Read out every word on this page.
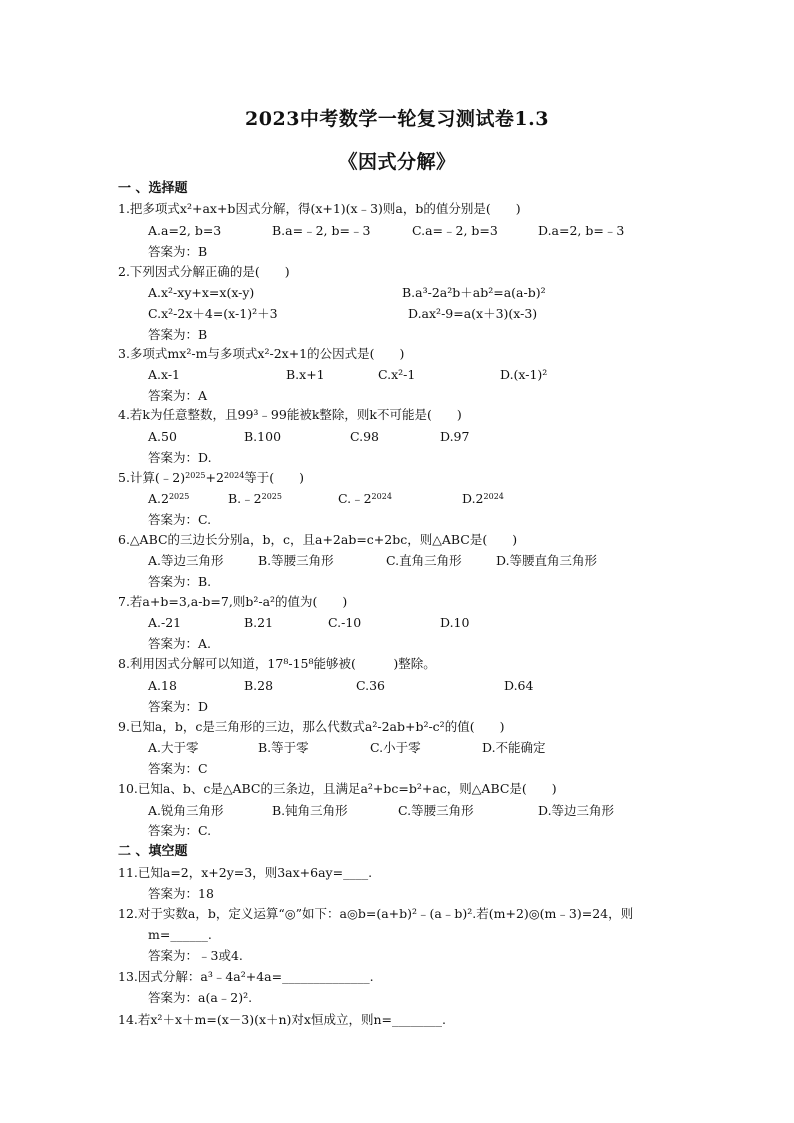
2023中考数学一轮复习测试卷1.3
《因式分解》
一 、选择题
1.把多项式x²+ax+b因式分解，得(x+1)(x﹣3)则a，b的值分别是(　　)
A.a=2, b=3	B.a=﹣2, b=﹣3	C.a=﹣2, b=3	D.a=2, b=﹣3
答案为：B
2.下列因式分解正确的是(　　)
A.x²-xy+x=x(x-y)	B.a³-2a²b＋ab²=a(a-b)²
C.x²-2x＋4=(x-1)²＋3	D.ax²-9=a(x＋3)(x-3)
答案为：B
3.多项式mx²-m与多项式x²-2x+1的公因式是(　　)
A.x-1	B.x+1	C.x²-1	D.(x-1)²
答案为：A
4.若k为任意整数，且99³﹣99能被k整除，则k不可能是(　　)
A.50	B.100	C.98	D.97
答案为：D.
5.计算$(﹣2)^{2025}+2^{2024}$等于(　　)
$A.2^{2025}$	$B.﹣2^{2025}$	$C.﹣2^{2024}$	$D.2^{2024}$
答案为：C.
6.△ABC的三边长分别a，b，c，且a+2ab=c+2bc，则△ABC是(　　)
A.等边三角形	B.等腰三角形	C.直角三角形	D.等腰直角三角形
答案为：B.
7.若a+b=3,a-b=7,则b²-a²的值为(　　)
A.-21	B.21	C.-10	D.10
答案为：A.
8.利用因式分解可以知道，17⁸-15⁸能够被(　　　)整除。
A.18	B.28	C.36	D.64
答案为：D
9.已知a，b，c是三角形的三边，那么代数式a²-2ab+b²-c²的值(　　)
A.大于零	B.等于零	C.小于零	D.不能确定
答案为：C
10.已知a、b、c是△ABC的三条边，且满足a²+bc=b²+ac，则△ABC是(　　)
A.锐角三角形	B.钝角三角形	C.等腰三角形	D.等边三角形
答案为：C.
二 、填空题
11.已知a=2，x+2y=3，则3ax+6ay=____.
答案为：18
12.对于实数a，b，定义运算“◎”如下：a◎b=(a+b)²﹣(a﹣b)².若(m+2)◎(m﹣3)=24，则
m=______.
答案为：﹣3或4.
13.因式分解：a³﹣4a²+4a=______________.
答案为：a(a﹣2)².
14.若x²＋x＋m=(x－3)(x＋n)对x恒成立，则n=________.
